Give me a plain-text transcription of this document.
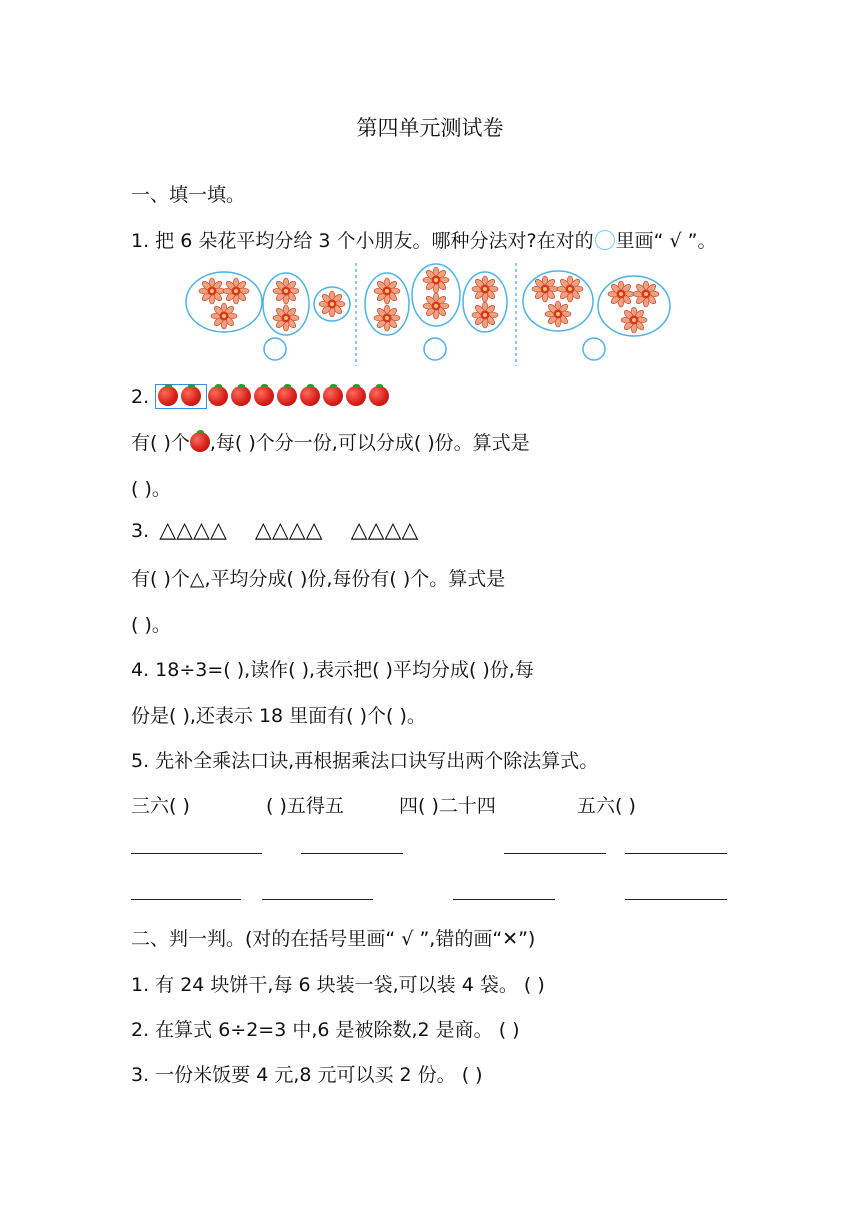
第四单元测试卷
一、填一填。
1. 把 6 朵花平均分给 3 个小朋友。哪种分法对?在对的 里画“ √ ”。
2.
有( )个 ,每( )个分一份,可以分成( )份。算式是
( )。
3. △△△△ △△△△ △△△△
有( )个△,平均分成( )份,每份有( )个。算式是
( )。
4. 18÷3=( ),读作( ),表示把( )平均分成( )份,每
份是( ),还表示 18 里面有( )个( )。
5. 先补全乘法口诀,再根据乘法口诀写出两个除法算式。
三六( )	( )五得五	四( )二十四	五六( )
二、判一判。(对的在括号里画“ √ ”,错的画“✕”)
1. 有 24 块饼干,每 6 块装一袋,可以装 4 袋。 ( )
2. 在算式 6÷2=3 中,6 是被除数,2 是商。 ( )
3. 一份米饭要 4 元,8 元可以买 2 份。 ( )
